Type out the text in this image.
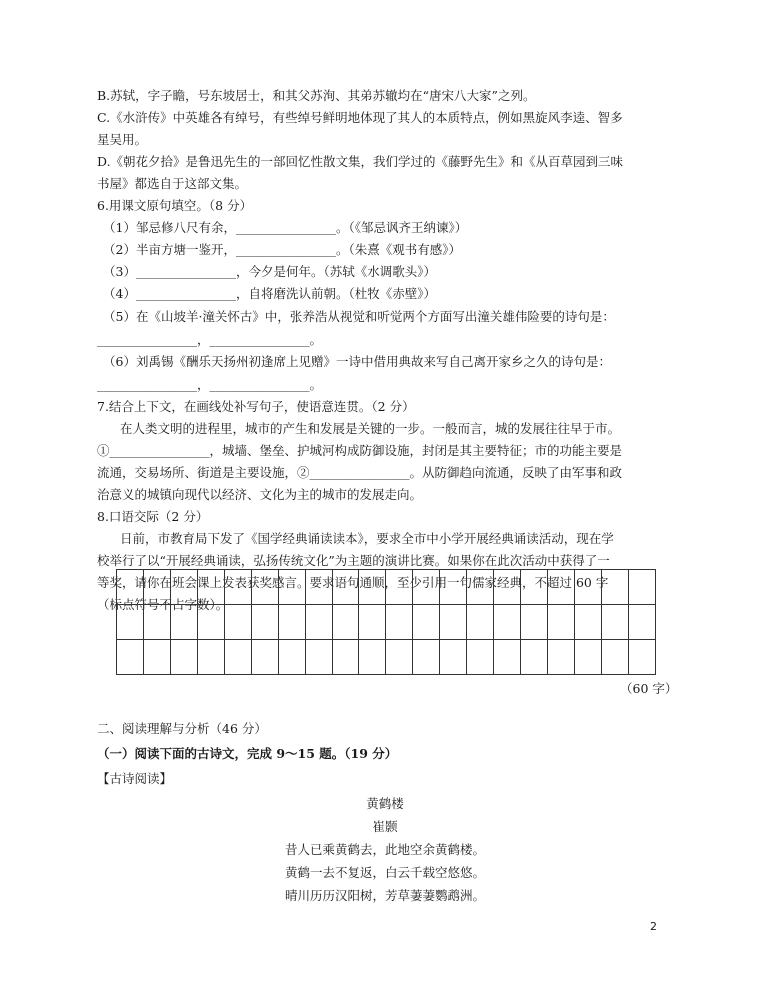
B.苏轼，字子瞻，号东坡居士，和其父苏洵、其弟苏辙均在“唐宋八大家”之列。
C.《水浒传》中英雄各有绰号，有些绰号鲜明地体现了其人的本质特点，例如黑旋风李逵、智多
星吴用。
D.《朝花夕拾》是鲁迅先生的一部回忆性散文集，我们学过的《藤野先生》和《从百草园到三味
书屋》都选自于这部文集。
6.用课文原句填空。（8 分）
（1）邹忌修八尺有余，________________。（《邹忌讽齐王纳谏》）
（2）半亩方塘一鉴开，________________。（朱熹《观书有感》）
（3）________________，今夕是何年。（苏轼《水调歌头》）
（4）________________，自将磨洗认前朝。（杜牧《赤壁》）
（5）在《山坡羊·潼关怀古》中，张养浩从视觉和听觉两个方面写出潼关雄伟险要的诗句是：
________________，________________。
（6）刘禹锡《酬乐天扬州初逢席上见赠》一诗中借用典故来写自己离开家乡之久的诗句是：
________________，________________。
7.结合上下文，在画线处补写句子，使语意连贯。（2 分）
在人类文明的进程里，城市的产生和发展是关键的一步。一般而言，城的发展往往早于市。
①________________，城墙、堡垒、护城河构成防御设施，封闭是其主要特征；市的功能主要是
流通，交易场所、街道是主要设施，②________________。从防御趋向流通，反映了由军事和政
治意义的城镇向现代以经济、文化为主的城市的发展走向。
8.口语交际（2 分）
日前，市教育局下发了《国学经典诵读读本》，要求全市中小学开展经典诵读活动，现在学
校举行了以“开展经典诵读，弘扬传统文化”为主题的演讲比赛。如果你在此次活动中获得了一
等奖，请你在班会课上发表获奖感言。要求语句通顺，至少引用一句儒家经典，不超过 60 字
（标点符号不占字数）。

（60 字）
二、阅读理解与分析（46 分）
（一）阅读下面的古诗文，完成 9～15 题。（19 分）
【古诗阅读】
黄鹤楼
崔颢
昔人已乘黄鹤去，此地空余黄鹤楼。
黄鹤一去不复返，白云千载空悠悠。
晴川历历汉阳树，芳草萋萋鹦鹉洲。
2
